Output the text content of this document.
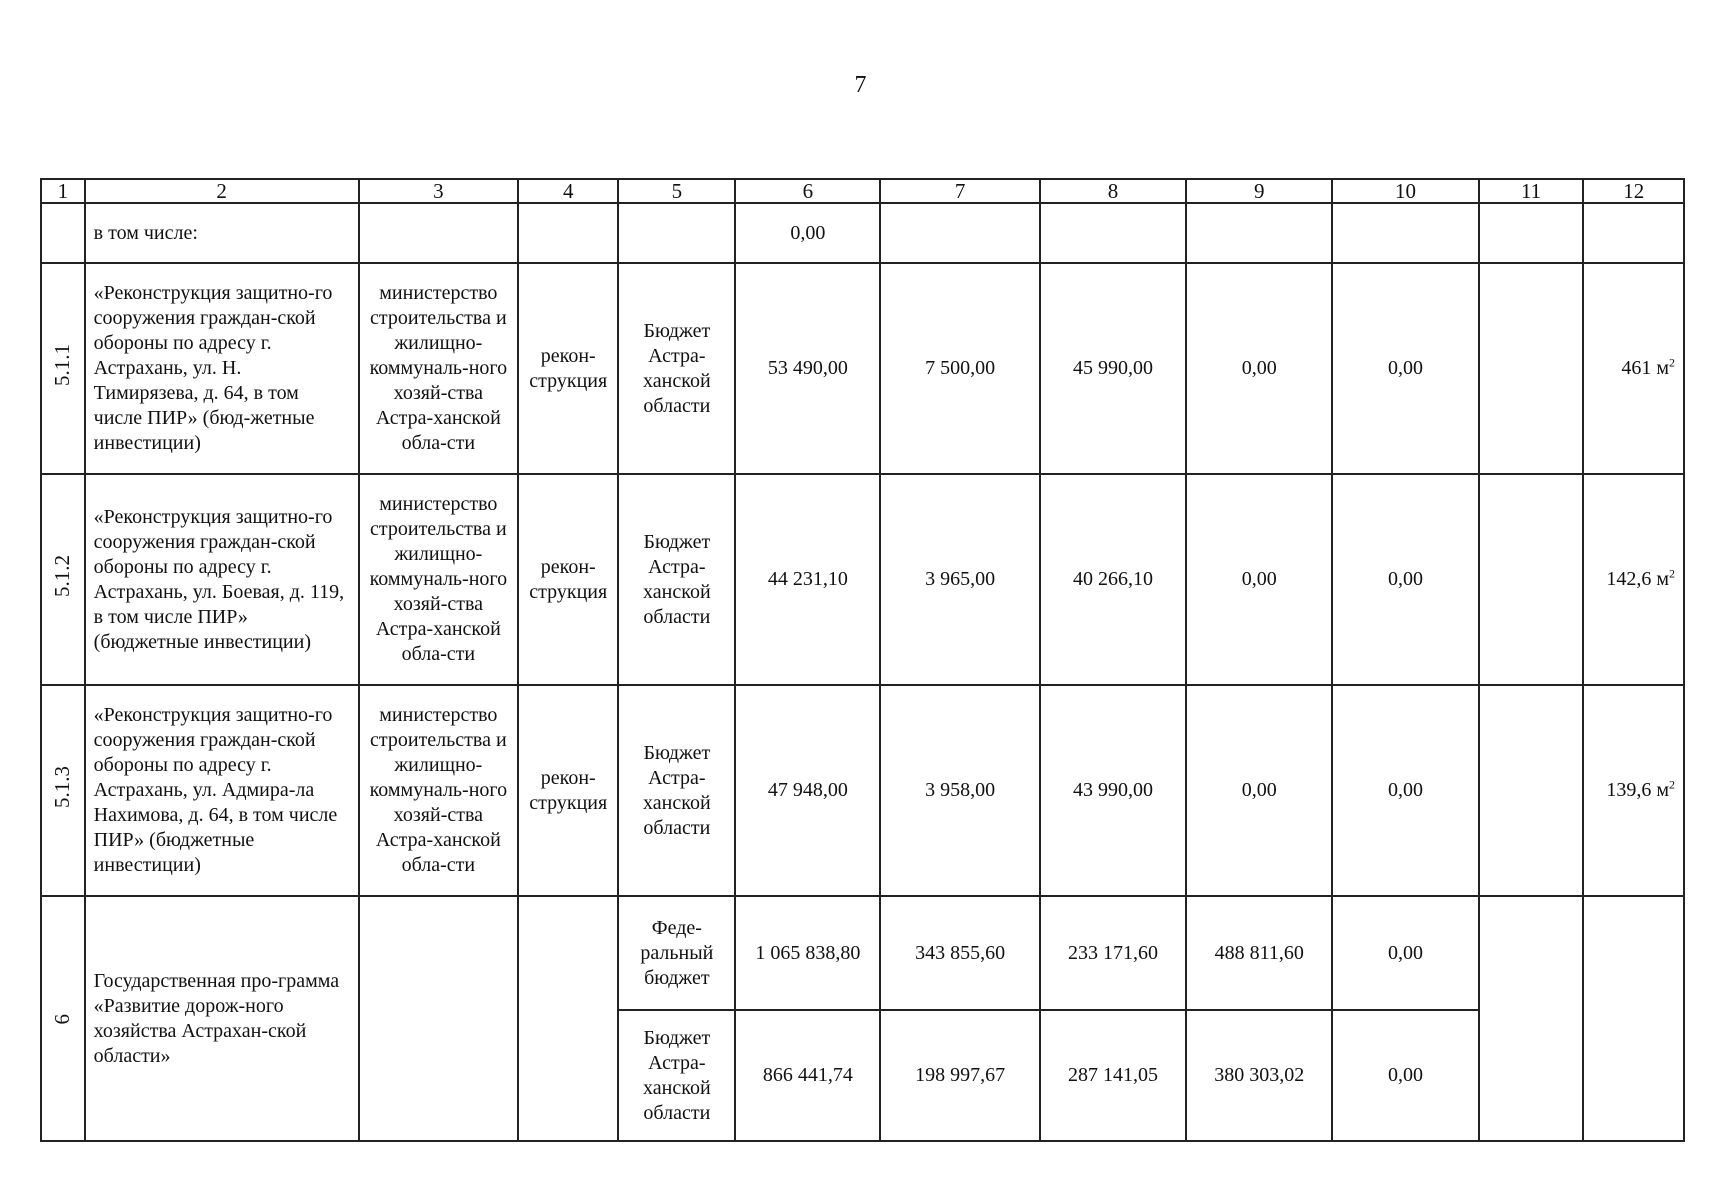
7
1	2	3	4	5	6	7	8	9	10	11	12
	в том числе:				0,00						
5.1.1	«Реконструкция защитно-го сооружения граждан-ской обороны по адресу г. Астрахань, ул. Н. Тимирязева, д. 64, в том числе ПИР» (бюд-жетные инвестиции)	министерство строительства и жилищно-коммуналь-ного хозяй-ства Астра-ханской обла-сти	рекон-струкция	Бюджет Астра-ханской области	53 490,00	7 500,00	45 990,00	0,00	0,00		461 $м^2$
5.1.2	«Реконструкция защитно-го сооружения граждан-ской обороны по адресу г. Астрахань, ул. Боевая, д. 119, в том числе ПИР» (бюджетные инвестиции)	министерство строительства и жилищно-коммуналь-ного хозяй-ства Астра-ханской обла-сти	рекон-струкция	Бюджет Астра-ханской области	44 231,10	3 965,00	40 266,10	0,00	0,00		142,6 $м^2$
5.1.3	«Реконструкция защитно-го сооружения граждан-ской обороны по адресу г. Астрахань, ул. Адмира-ла Нахимова, д. 64, в том числе ПИР» (бюджетные инвестиции)	министерство строительства и жилищно-коммуналь-ного хозяй-ства Астра-ханской обла-сти	рекон-струкция	Бюджет Астра-ханской области	47 948,00	3 958,00	43 990,00	0,00	0,00		139,6 $м^2$
6	Государственная про-грамма «Развитие дорож-ного хозяйства Астрахан-ской области»			Феде-ральный бюджет	1 065 838,80	343 855,60	233 171,60	488 811,60	0,00		
				Бюджет Астра-ханской области	866 441,74	198 997,67	287 141,05	380 303,02	0,00		
